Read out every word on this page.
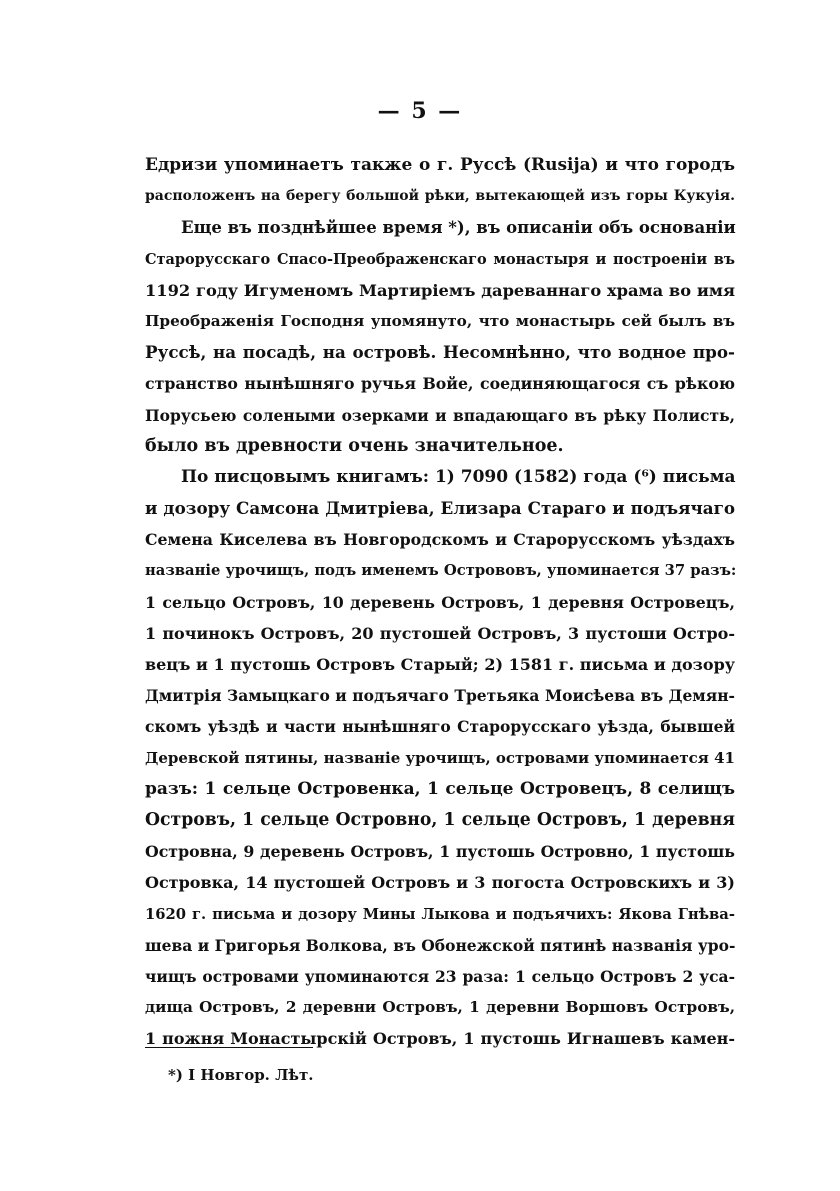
— 5 —
Едризи упоминаетъ также о г. Руссѣ (Rusija) и что городъ
расположенъ на берегу большой рѣки, вытекающей изъ горы Кукуія.
Еще въ позднѣйшее время *), въ описаніи объ основаніи
Старорусскаго Спасо-Преображенскаго монастыря и построеніи въ
1192 году Игуменомъ Мартиріемъ дареваннаго храма во имя
Преображенія Господня упомянуто, что монастырь сей былъ въ
Руссѣ, на посадѣ, на островѣ. Несомнѣнно, что водное про-
странство нынѣшняго ручья Войе, соединяющагося съ рѣкою
Порусьею солеными озерками и впадающаго въ рѣку Полисть,
было въ древности очень значительное.
По писцовымъ книгамъ: 1) 7090 (1582) года (⁶) письма
и дозору Самсона Дмитріева, Елизара Стараго и подъячаго
Семена Киселева въ Новгородскомъ и Старорусскомъ уѣздахъ
названіе урочищъ, подъ именемъ Острововъ, упоминается 37 разъ:
1 сельцо Островъ, 10 деревень Островъ, 1 деревня Островецъ,
1 починокъ Островъ, 20 пустошей Островъ, 3 пустоши Остро-
вецъ и 1 пустошь Островъ Старый; 2) 1581 г. письма и дозору
Дмитрія Замыцкаго и подъячаго Третьяка Моисѣева въ Демян-
скомъ уѣздѣ и части нынѣшняго Старорусскаго уѣзда, бывшей
Деревской пятины, названіе урочищъ, островами упоминается 41
разъ: 1 сельце Островенка, 1 сельце Островецъ, 8 селищъ
Островъ, 1 сельце Островно, 1 сельце Островъ, 1 деревня
Островна, 9 деревень Островъ, 1 пустошь Островно, 1 пустошь
Островка, 14 пустошей Островъ и 3 погоста Островскихъ и 3)
1620 г. письма и дозору Мины Лыкова и подъячихъ: Якова Гнѣва-
шева и Григорья Волкова, въ Обонежской пятинѣ названія уро-
чищъ островами упоминаются 23 раза: 1 сельцо Островъ 2 уса-
дища Островъ, 2 деревни Островъ, 1 деревни Воршовъ Островъ,
1 пожня Монастырскій Островъ, 1 пустошь Игнашевъ камен-
*) I Новгор. Лѣт.
